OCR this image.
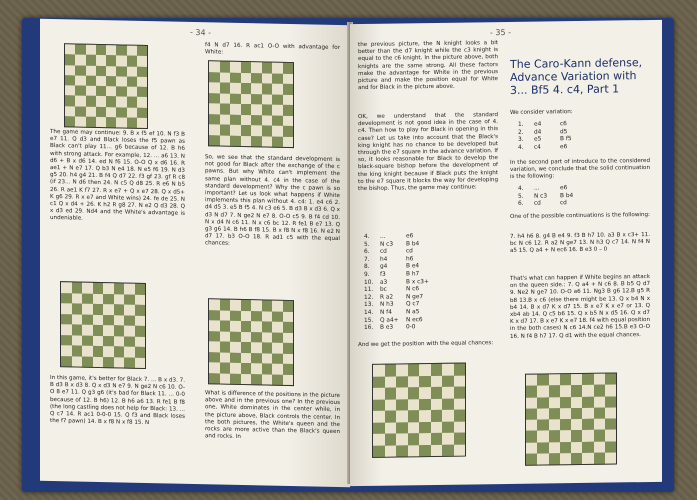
- 34 -
The game may continue: 9. B x f5 ef 10. N f3 B e7 11. Q d3 and Black loses the f5 pawn as Black can't play 11... g6 because of 12. B h6 with strong attack. For example, 12. ... a6 13. N d6 + B x d6 14. ed N f6 15. O-O Q x d6 16. R ae1 + N e7 17. Q b3 N e4 18. N e5 f6 19. N d3 g5 20. h4 g4 21. B f4 Q d7 22. f3 gf 23. gf R c8 (if 23... N d6 then 24. N c5 Q d8 25. R e6 N b5 26. R ae1 K f7 27. R x e7 + Q x e7 28. Q x d5+ K g6 29. R x e7 and White wins) 24. fe de 25. N c1 Q x d4 + 26. K h2 R g8 27. N e2 Q d3 28. Q x d3 ed 29. Nd4 and the White's advantage is undeniable.
In this game, it's better for Black 7. ... B x d3. 7. B d3 B x d3 8. Q x d3 N e7 9. N ge2 N c6 10. O-O 8 e7 11. Q g3 g6 (it's bad for Black 11. ... 0-0 because of 12. B h6) 12. B h6 a6 13. R fe1 B f8 (the long castling does not help for Black: 13. ... Q c7 14. R ac1 0-0-0 15. Q f3 and Black loses the f7 pawn) 14. B x f8 N x f8 15. N
f4 N d7 16. R ac1 O-O with advantage for White:
So, we see that the standard development is not good for Black after the exchange of the c pawns. But why White can't implement the same plan without 4. c4 in the case of the standard development? Why the c pawn is so important? Let us look what happens if White implements this plan without 4. c4: 1. e4 c6 2. d4 d5 3. e5 B f5 4. N c3 e6 5. B d3 B x d3 6. Q x d3 N d7 7. N ge2 N e7 8. O-O c5 9. B f4 cd 10. N x d4 N c6 11. N x c6 bc 12. R fe1 B e7 13. Q g3 g6 14. B h6 B f8 15. B x f8 N x f8 16. N e2 N d7 17. b3 O-O 18. R ad1 c5 with the equal chances:
What is difference of the positions in the picture above and in the previous one? In the previous one, White dominates in the center while, in the picture above, Black controls the center. In the both pictures, the White's queen and the rocks are more active than the Black's queen and rocks. In
- 35 -
the previous picture, the N knight looks a bit better than the d7 knight while the c3 knight is equal to the c6 knight. In the picture above, both knights are the same strong. All these factors make the advantage for White in the previous picture and make the position equal for White and for Black in the picture above.
OK, we understand that the standard development is not good idea in the case of 4. c4. Then how to play for Black in opening in this case? Let us take into account that the Black's king knight has no chance to be developed but through the e7 square in the advance variation. If so, it looks reasonable for Black to develop the black-square bishop before the development of the king knight because if Black puts the knight to the e7 square it blocks the way for developing the bishop. Thus, the game may continue:
4.	...	e6
5.	N c3	B b4
6.	cd	cd
7.	h4	h6
8.	g4	B e4
9.	f3	B h7
10.	a3	B x c3+
11.	bc	N c6
12.	R a2	N ge7
13.	N h3	Q c7
14.	N f4	N a5
15.	Q a4+	N ec6
16.	B e3	0-0
And we get the position with the equal chances:
The Caro-Kann defense, Advance Variation with 3... Bf5 4. c4, Part 1
We consider variation:
1.	e4	c6
2.	d4	d5
3.	e5	B f5
4.	c4	e6
In the second part of introduce to the considered variation, we conclude that the solid continuation is the following:
4.	...	e6
5.	N c3	B b4
6.	cd	cd
One of the possible continuations is the following:
7. h4 h6 8. g4 B e4 9. f3 B h7 10. a3 B x c3+ 11. bc N c6 12. R a2 N ge7 13. N h3 Q c7 14. N f4 N a5 15. Q a4 + N ec6 16. B e3 0 – 0
That's what can happen if White begins an attack on the queen side.: 7. Q a4 + N c6 8. B b5 Q d7 9. Ne2 N ge7 10. O-O a6 11. Ng3 B g6 12.B g5 R b8 13.B x c6 (else there might be 13. Q x b4 N x b4 14. B x d7 K x d7 15. B x e7 K x e7 or 13. Q xb4 ab 14. Q c5 b6 15. Q x b5 N x d5 16. Q x d7 K x d7 17. B x e7 K x e7 18. f4 with equal position in the both cases) N c6 14.N ce2 h6 15.B e3 O-O 16. N f4 B h7 17. Q d1 with the equal chances.
